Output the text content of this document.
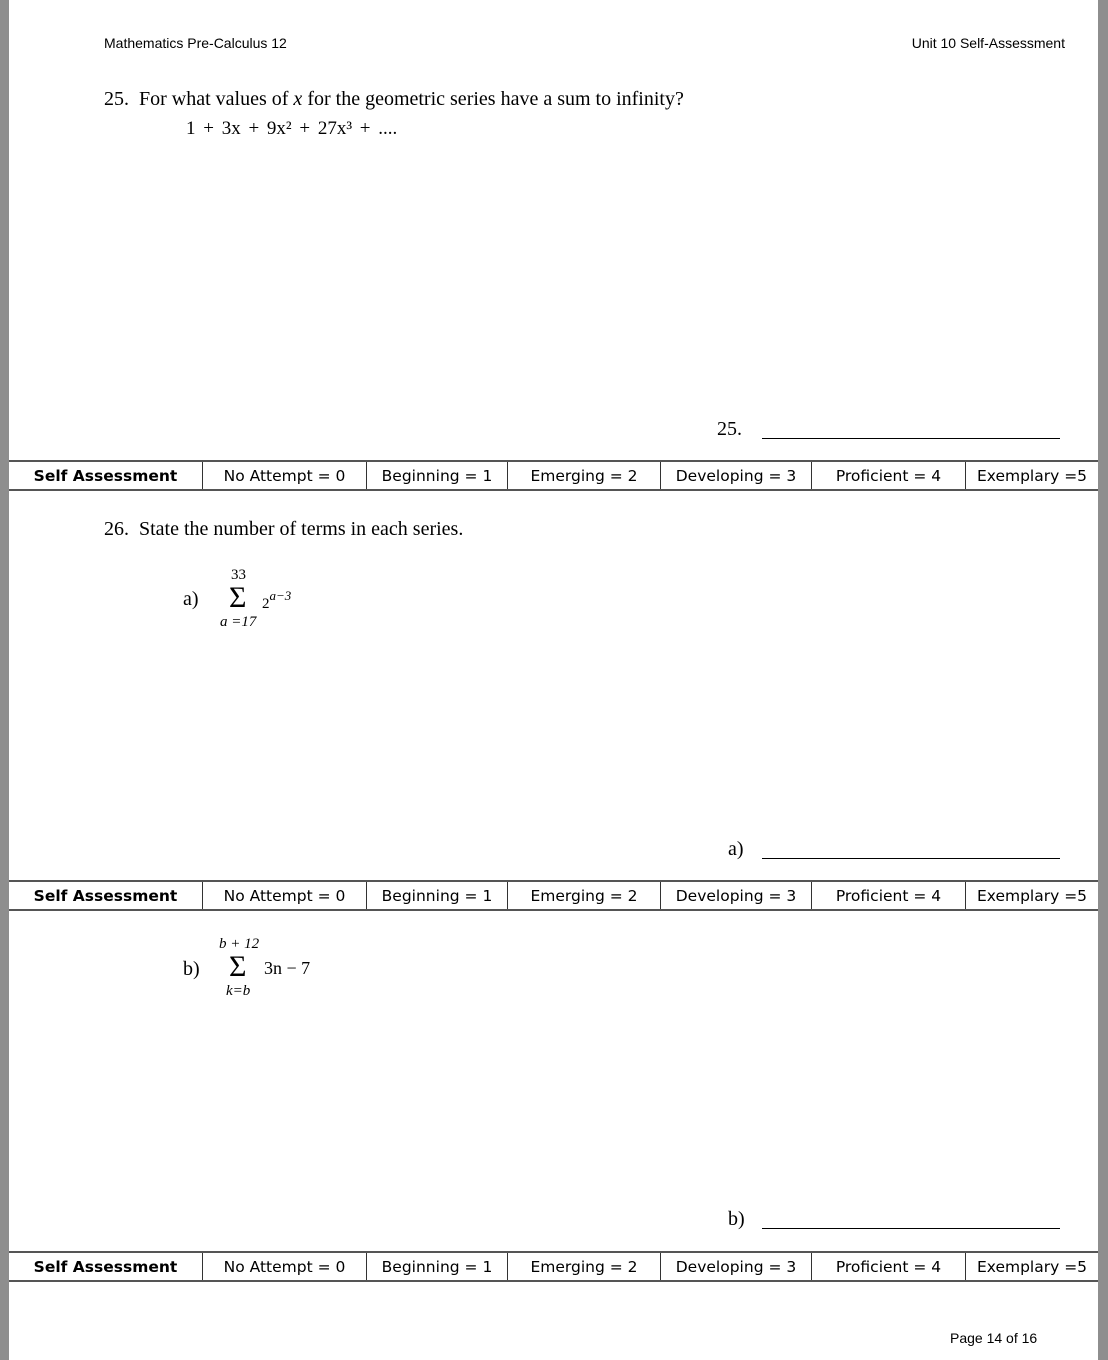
Mathematics Pre-Calculus 12	Unit 10 Self-Assessment
25. For what values of x for the geometric series have a sum to infinity?
1 + 3x + 9x² + 27x³ + ....
25.
Self Assessment	No Attempt = 0	Beginning = 1	Emerging = 2	Developing = 3	Proficient = 4	Exemplary =5
26. State the number of terms in each series.
a)
33
Σ $2^{a-3}$
a =17
a)
Self Assessment	No Attempt = 0	Beginning = 1	Emerging = 2	Developing = 3	Proficient = 4	Exemplary =5
b)
b + 12
Σ 3n − 7
k=b
b)
Self Assessment	No Attempt = 0	Beginning = 1	Emerging = 2	Developing = 3	Proficient = 4	Exemplary =5
Page 14 of 16
